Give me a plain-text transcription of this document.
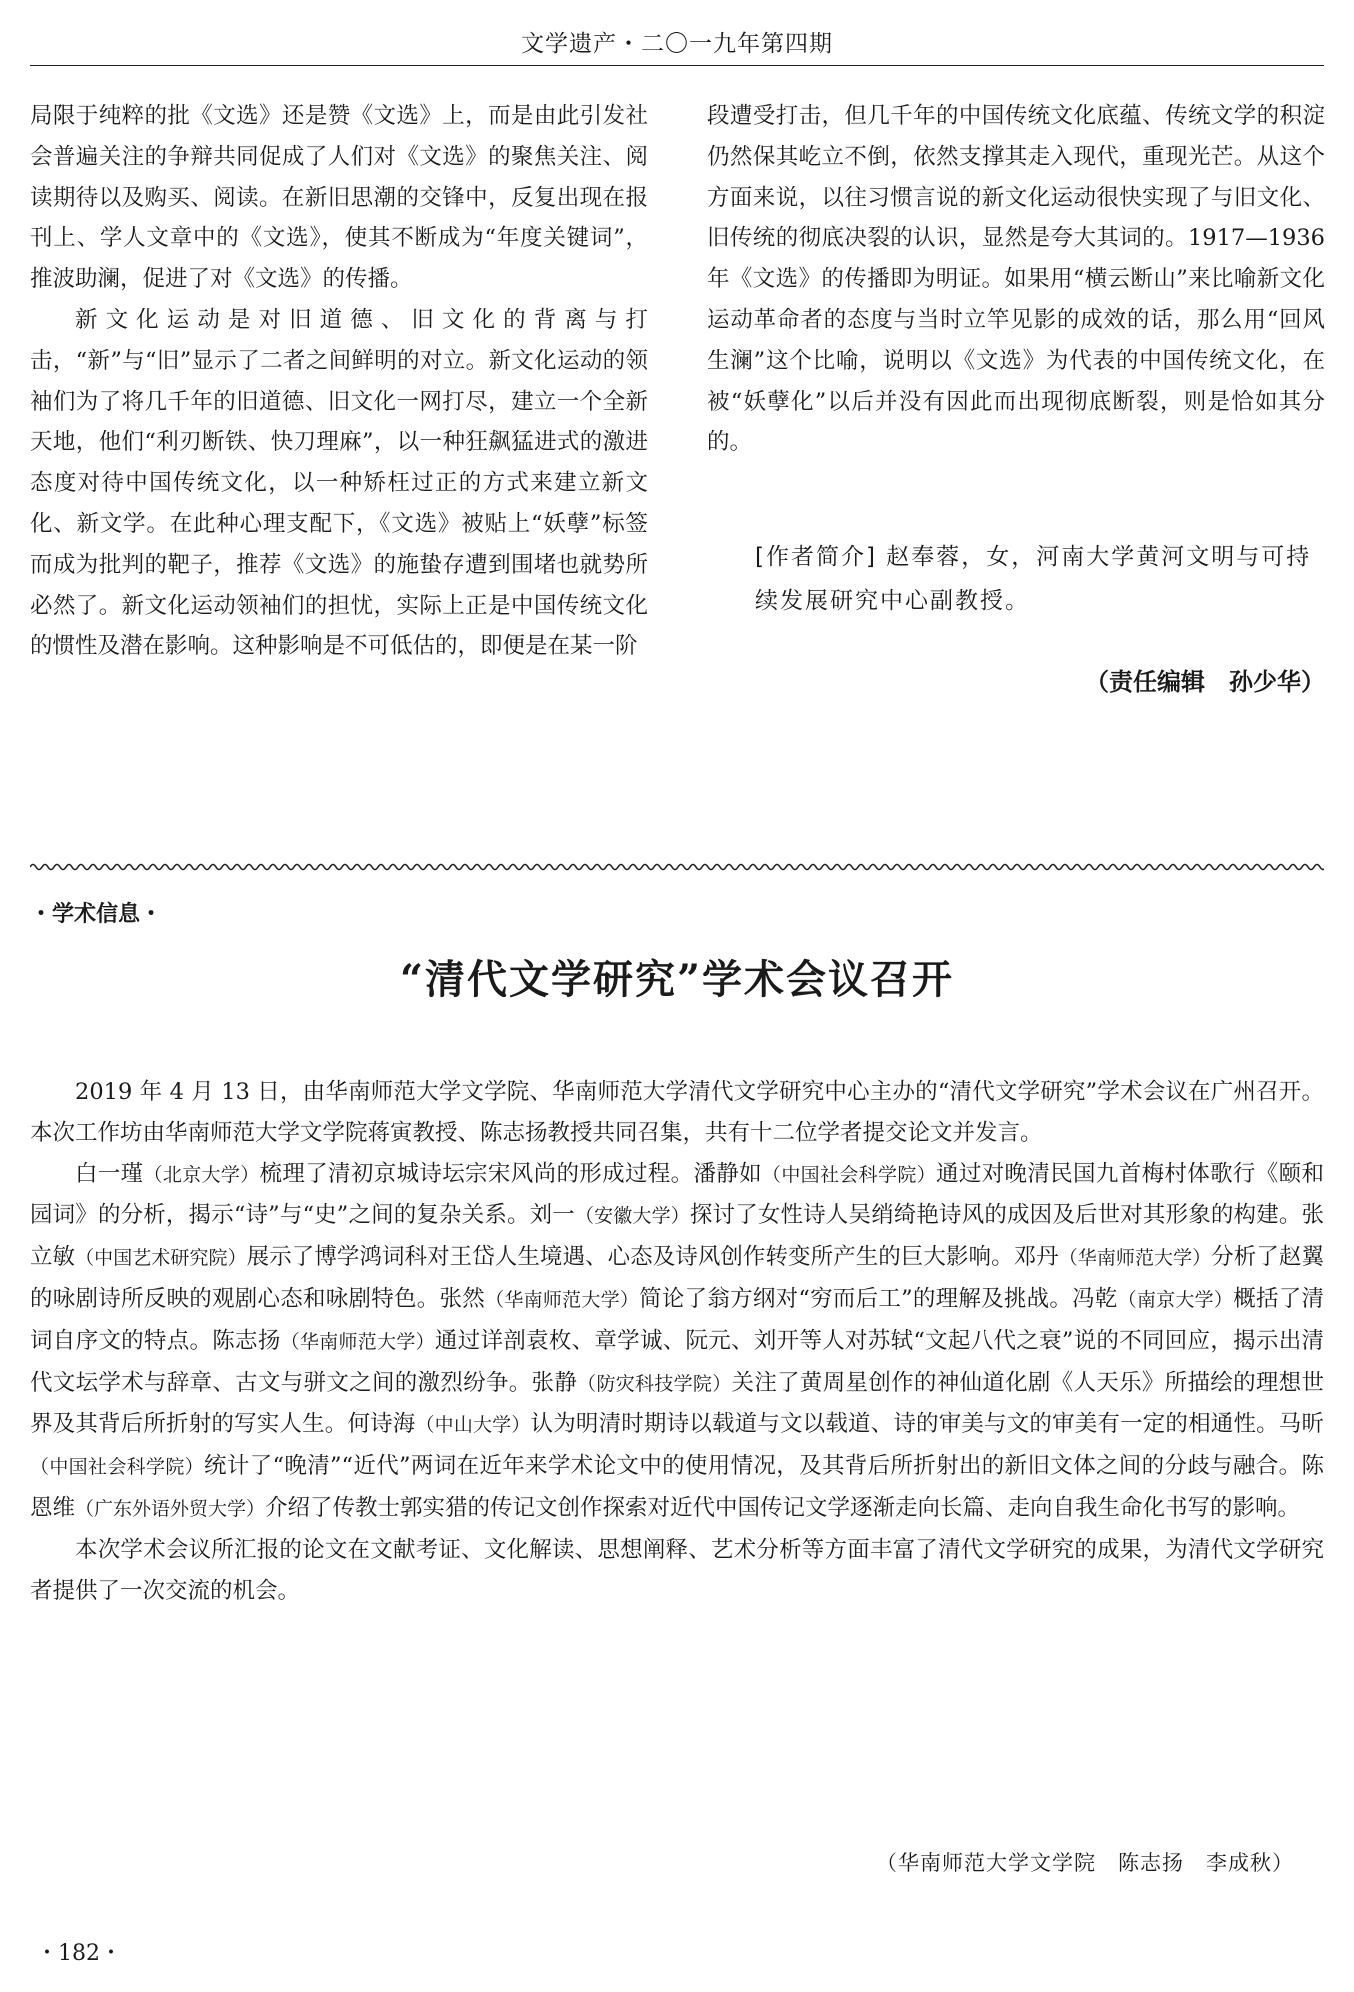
文学遗产・二〇一九年第四期

局限于纯粹的批《文选》还是赞《文选》上，而是由此引发社会普遍关注的争辩共同促成了人们对《文选》的聚焦关注、阅读期待以及购买、阅读。在新旧思潮的交锋中，反复出现在报刊上、学人文章中的《文选》，使其不断成为“年度关键词”，推波助澜，促进了对《文选》的传播。

新文化运动是对旧道德、旧文化的背离与打击，“新”与“旧”显示了二者之间鲜明的对立。新文化运动的领袖们为了将几千年的旧道德、旧文化一网打尽，建立一个全新天地，他们“利刃断铁、快刀理麻”，以一种狂飙猛进式的激进态度对待中国传统文化，以一种矫枉过正的方式来建立新文化、新文学。在此种心理支配下，《文选》被贴上“妖孽”标签而成为批判的靶子，推荐《文选》的施蛰存遭到围堵也就势所必然了。新文化运动领袖们的担忧，实际上正是中国传统文化的惯性及潜在影响。这种影响是不可低估的，即便是在某一阶

段遭受打击，但几千年的中国传统文化底蕴、传统文学的积淀仍然保其屹立不倒，依然支撑其走入现代，重现光芒。从这个方面来说，以往习惯言说的新文化运动很快实现了与旧文化、旧传统的彻底决裂的认识，显然是夸大其词的。1917—1936 年《文选》的传播即为明证。如果用“横云断山”来比喻新文化运动革命者的态度与当时立竿见影的成效的话，那么用“回风生澜”这个比喻，说明以《文选》为代表的中国传统文化，在被“妖孽化”以后并没有因此而出现彻底断裂，则是恰如其分的。

[作者简介] 赵奉蓉，女，河南大学黄河文明与可持续发展研究中心副教授。
（责任编辑　孙少华）
・学术信息・
“清代文学研究”学术会议召开

2019 年 4 月 13 日，由华南师范大学文学院、华南师范大学清代文学研究中心主办的“清代文学研究”学术会议在广州召开。本次工作坊由华南师范大学文学院蒋寅教授、陈志扬教授共同召集，共有十二位学者提交论文并发言。

白一瑾（北京大学）梳理了清初京城诗坛宗宋风尚的形成过程。潘静如（中国社会科学院）通过对晚清民国九首梅村体歌行《颐和园词》的分析，揭示“诗”与“史”之间的复杂关系。刘一（安徽大学）探讨了女性诗人吴绡绮艳诗风的成因及后世对其形象的构建。张立敏（中国艺术研究院）展示了博学鸿词科对王岱人生境遇、心态及诗风创作转变所产生的巨大影响。邓丹（华南师范大学）分析了赵翼的咏剧诗所反映的观剧心态和咏剧特色。张然（华南师范大学）简论了翁方纲对“穷而后工”的理解及挑战。冯乾（南京大学）概括了清词自序文的特点。陈志扬（华南师范大学）通过详剖袁枚、章学诚、阮元、刘开等人对苏轼“文起八代之衰”说的不同回应，揭示出清代文坛学术与辞章、古文与骈文之间的激烈纷争。张静（防灾科技学院）关注了黄周星创作的神仙道化剧《人天乐》所描绘的理想世界及其背后所折射的写实人生。何诗海（中山大学）认为明清时期诗以载道与文以载道、诗的审美与文的审美有一定的相通性。马昕（中国社会科学院）统计了“晚清”“近代”两词在近年来学术论文中的使用情况，及其背后所折射出的新旧文体之间的分歧与融合。陈恩维（广东外语外贸大学）介绍了传教士郭实猎的传记文创作探索对近代中国传记文学逐渐走向长篇、走向自我生命化书写的影响。

本次学术会议所汇报的论文在文献考证、文化解读、思想阐释、艺术分析等方面丰富了清代文学研究的成果，为清代文学研究者提供了一次交流的机会。

（华南师范大学文学院　陈志扬　李成秋）
・182・
